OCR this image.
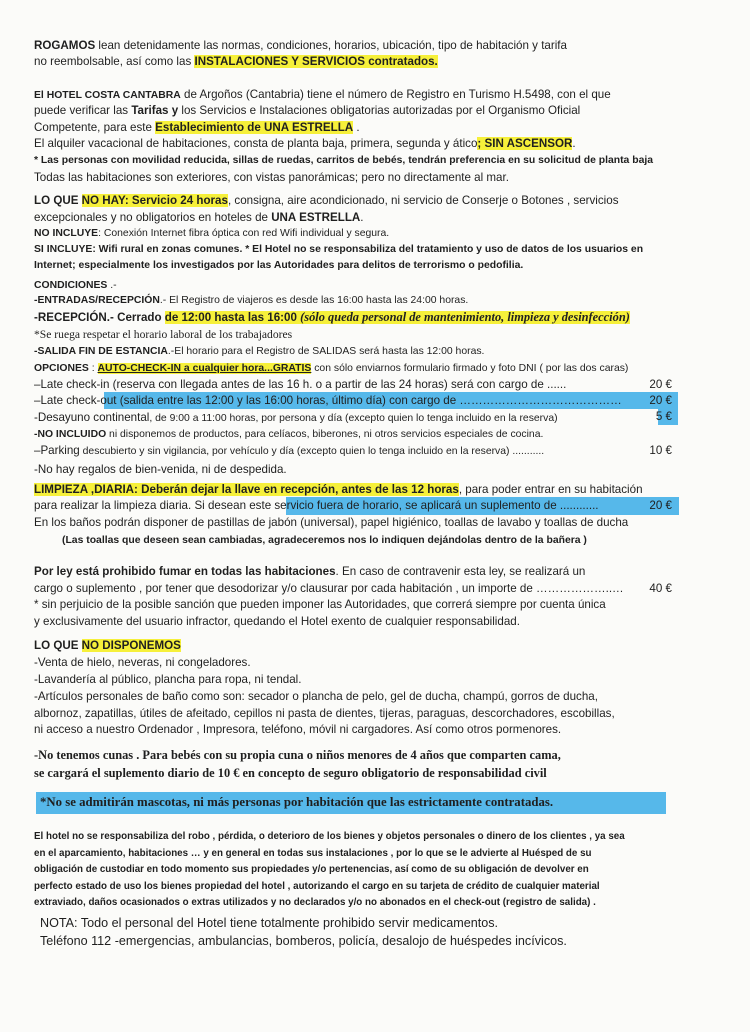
ROGAMOS lean detenidamente las normas, condiciones, horarios, ubicación, tipo de habitación y tarifa
no reembolsable, así como las INSTALACIONES Y SERVICIOS contratados.
El HOTEL COSTA CANTABRA de Argoños (Cantabria) tiene el número de Registro en Turismo H.5498, con el que
puede verificar las Tarifas y los Servicios e Instalaciones obligatorias autorizadas por el Organismo Oficial
Competente, para este Establecimiento de UNA ESTRELLA .
El alquiler vacacional de habitaciones, consta de planta baja, primera, segunda y ático; SIN ASCENSOR.
* Las personas con movilidad reducida, sillas de ruedas, carritos de bebés, tendrán preferencia en su solicitud de planta baja
Todas las habitaciones son exteriores, con vistas panorámicas; pero no directamente al mar.
LO QUE NO HAY: Servicio 24 horas, consigna, aire acondicionado, ni servicio de Conserje o Botones , servicios
excepcionales y no obligatorios en hoteles de UNA ESTRELLA.
NO INCLUYE: Conexión Internet fibra óptica con red Wifi individual y segura.
SI INCLUYE: Wifi rural en zonas comunes. * El Hotel no se responsabiliza del tratamiento y uso de datos de los usuarios en
Internet; especialmente los investigados por las Autoridades para delitos de terrorismo o pedofilia.
CONDICIONES .-
-ENTRADAS/RECEPCIÓN.- El Registro de viajeros es desde las 16:00 hasta las 24:00 horas.
-RECEPCIÓN.- Cerrado de 12:00 hasta las 16:00 (sólo queda personal de mantenimiento, limpieza y desinfección)
*Se ruega respetar el horario laboral de los trabajadores
-SALIDA FIN DE ESTANCIA.-El horario para el Registro de SALIDAS será hasta las 12:00 horas.
OPCIONES : AUTO-CHECK-IN a cualquier hora...GRATIS con sólo enviarnos formulario firmado y foto DNI ( por las dos caras)
–Late check-in (reserva con llegada antes de las 16 h. o a partir de las 24 horas) será con cargo de ......	20 €
–Late check-out (salida entre las 12:00 y las 16:00 horas, último día) con cargo de ……………………………………	20 €
-Desayuno continental, de 9:00 a 11:00 horas, por persona y día (excepto quien lo tenga incluido en la reserva)	5 €
-NO INCLUIDO ni disponemos de productos, para celíacos, biberones, ni otros servicios especiales de cocina.
–Parking descubierto y sin vigilancia, por vehículo y día (excepto quien lo tenga incluido en la reserva) ...........	10 €
-No hay regalos de bien-venida, ni de despedida.
LIMPIEZA ,DIARIA: Deberán dejar la llave en recepción, antes de las 12 horas, para poder entrar en su habitación
para realizar la limpieza diaria. Si desean este servicio fuera de horario, se aplicará un suplemento de ............	20 €
En los baños podrán disponer de pastillas de jabón (universal), papel higiénico, toallas de lavabo y toallas de ducha
(Las toallas que deseen sean cambiadas, agradeceremos nos lo indiquen dejándolas dentro de la bañera )
Por ley está prohibido fumar en todas las habitaciones. En caso de contravenir esta ley, se realizará un
cargo o suplemento , por tener que desodorizar y/o clausurar por cada habitación , un importe de ………………..…	40 €
* sin perjuicio de la posible sanción que pueden imponer las Autoridades, que correrá siempre por cuenta única
y exclusivamente del usuario infractor, quedando el Hotel exento de cualquier responsabilidad.
LO QUE NO DISPONEMOS
-Venta de hielo, neveras, ni congeladores.
-Lavandería al público, plancha para ropa, ni tendal.
-Artículos personales de baño como son: secador o plancha de pelo, gel de ducha, champú, gorros de ducha,
albornoz, zapatillas, útiles de afeitado, cepillos ni pasta de dientes, tijeras, paraguas, descorchadores, escobillas,
ni acceso a nuestro Ordenador , Impresora, teléfono, móvil ni cargadores. Así como otros pormenores.
-No tenemos cunas . Para bebés con su propia cuna o niños menores de 4 años que comparten cama,
se cargará el suplemento diario de 10 € en concepto de seguro obligatorio de responsabilidad civil
*No se admitirán mascotas, ni más personas por habitación que las estrictamente contratadas.
El hotel no se responsabiliza del robo , pérdida, o deterioro de los bienes y objetos personales o dinero de los clientes , ya sea
en el aparcamiento, habitaciones … y en general en todas sus instalaciones , por lo que se le advierte al Huésped de su
obligación de custodiar en todo momento sus propiedades y/o pertenencias, así como de su obligación de devolver en
perfecto estado de uso los bienes propiedad del hotel , autorizando el cargo en su tarjeta de crédito de cualquier material
extraviado, daños ocasionados o extras utilizados y no declarados y/o no abonados en el check-out (registro de salida) .
NOTA: Todo el personal del Hotel tiene totalmente prohibido servir medicamentos.
Teléfono 112 -emergencias, ambulancias, bomberos, policía, desalojo de huéspedes incívicos.
